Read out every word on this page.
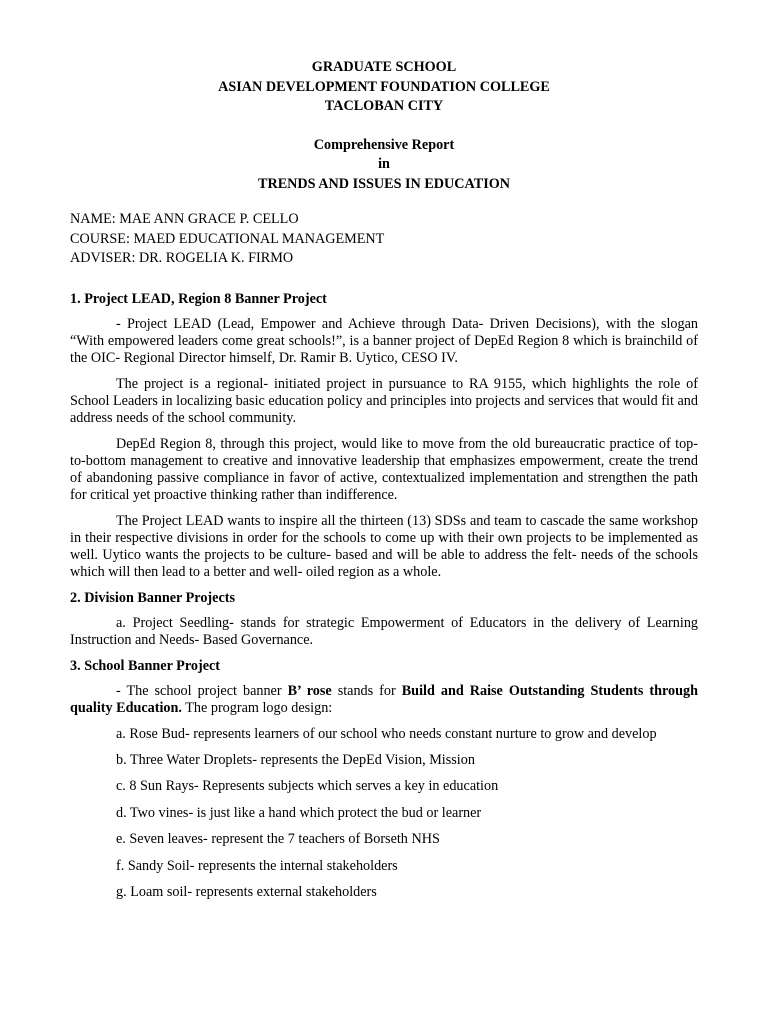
GRADUATE SCHOOL

ASIAN DEVELOPMENT FOUNDATION COLLEGE

TACLOBAN CITY

Comprehensive Report

in

TRENDS AND ISSUES IN EDUCATION

NAME: MAE ANN GRACE P. CELLO

COURSE: MAED EDUCATIONAL MANAGEMENT

ADVISER: DR. ROGELIA K. FIRMO

1. Project LEAD, Region 8 Banner Project

- Project LEAD (Lead, Empower and Achieve through Data- Driven Decisions), with the slogan “With empowered leaders come great schools!”, is a banner project of DepEd Region 8 which is brainchild of the OIC- Regional Director himself, Dr. Ramir B. Uytico, CESO IV.

The project is a regional- initiated project in pursuance to RA 9155, which highlights the role of School Leaders in localizing basic education policy and principles into projects and services that would fit and address needs of the school community.

DepEd Region 8, through this project, would like to move from the old bureaucratic practice of top-to-bottom management to creative and innovative leadership that emphasizes empowerment, create the trend of abandoning passive compliance in favor of active, contextualized implementation and strengthen the path for critical yet proactive thinking rather than indifference.

The Project LEAD wants to inspire all the thirteen (13) SDSs and team to cascade the same workshop in their respective divisions in order for the schools to come up with their own projects to be implemented as well. Uytico wants the projects to be culture- based and will be able to address the felt- needs of the schools which will then lead to a better and well- oiled region as a whole.

2. Division Banner Projects

a. Project Seedling- stands for strategic Empowerment of Educators in the delivery of Learning Instruction and Needs- Based Governance.

3. School Banner Project

- The school project banner B’ rose stands for Build and Raise Outstanding Students through quality Education. The program logo design:

a. Rose Bud- represents learners of our school who needs constant nurture to grow and develop

b. Three Water Droplets- represents the DepEd Vision, Mission

c. 8 Sun Rays- Represents subjects which serves a key in education

d. Two vines- is just like a hand which protect the bud or learner

e. Seven leaves- represent the 7 teachers of Borseth NHS

f. Sandy Soil- represents the internal stakeholders

g. Loam soil- represents external stakeholders
